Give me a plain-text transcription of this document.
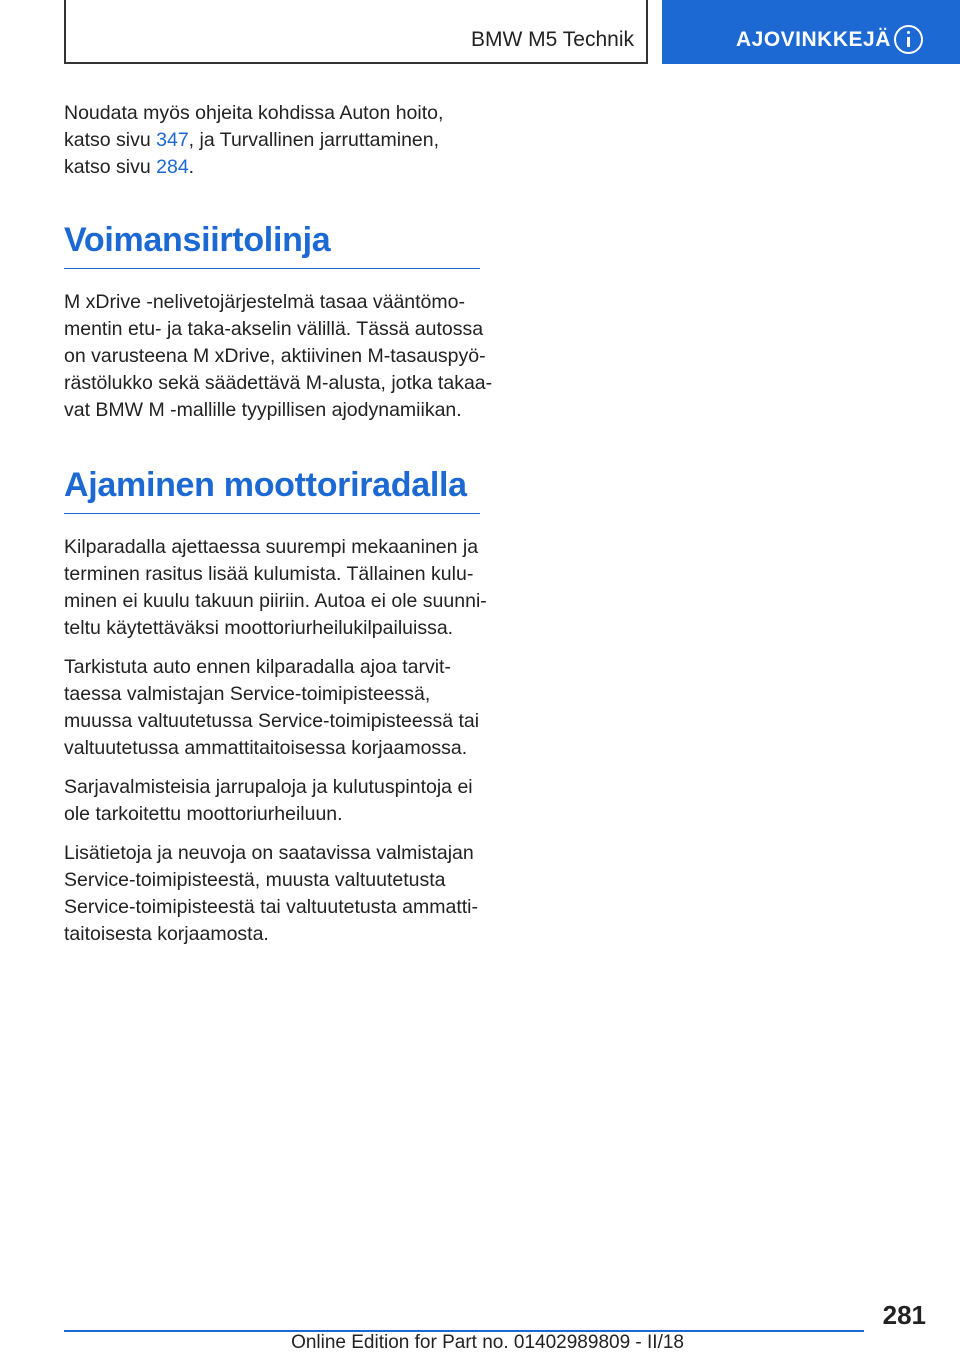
BMW M5 Technik	AJOVINKKEJÄ

Noudata myös ohjeita kohdissa Auton hoito,
katso sivu 347, ja Turvallinen jarruttaminen,
katso sivu 284.

Voimansiirtolinja

M xDrive -nelivetojärjestelmä tasaa vääntömo‐
mentin etu- ja taka-akselin välillä. Tässä autossa
on varusteena M xDrive, aktiivinen M-tasauspyö‐
rästölukko sekä säädettävä M-alusta, jotka takaa‐
vat BMW M -mallille tyypillisen ajodynamiikan.

Ajaminen moottoriradalla

Kilparadalla ajettaessa suurempi mekaaninen ja
terminen rasitus lisää kulumista. Tällainen kulu‐
minen ei kuulu takuun piiriin. Autoa ei ole suunni‐
teltu käytettäväksi moottoriurheilukilpailuissa.

Tarkistuta auto ennen kilparadalla ajoa tarvit‐
taessa valmistajan Service-toimipisteessä,
muussa valtuutetussa Service-toimipisteessä tai
valtuutetussa ammattitaitoisessa korjaamossa.

Sarjavalmisteisia jarrupaloja ja kulutuspintoja ei
ole tarkoitettu moottoriurheiluun.

Lisätietoja ja neuvoja on saatavissa valmistajan
Service-toimipisteestä, muusta valtuutetusta
Service-toimipisteestä tai valtuutetusta ammatti‐
taitoisesta korjaamosta.

281
Online Edition for Part no. 01402989809 - II/18
